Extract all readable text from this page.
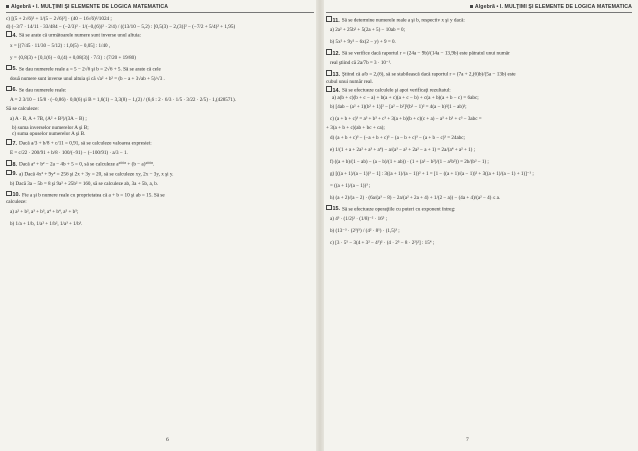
Algebră • I. MULŢIMI ŞI ELEMENTE DE LOGICĂ MATEMATICĂ
c) [(5 + 2√6)² + 1/(5 − 2√6)²] · (40 − 16√6)²/1024 ;
d) (−3/7 · 14/11 · 33/484 − (−2/3)² · 1/(−0,(6))² · 2/4) / ((13/10 − 5,2) : [0,5(3) − 2,(3)]² − (−7/2 + 5/4)² + 1,95)
4. Să se arate că următoarele numere sunt inverse unul altuia:
x = [(7/45 · 11/30 − 5/12) : 1,0(5) − 0,05] : 1/40 ,
y = {0,8(3) + [0,1(6) − 0,(4) + 0,08(3)] · 7/3} : (7/20 + 19/80)
5. Se dau numerele reale a = 5 − 2√6 şi b = 2√6 + 5. Să se arate că cele
două numere sunt inverse unul altuia şi că √a² + b² = (b − a + 3√ab + 5)/√3 .
6. Se dau numerele reale:
A = 2 3/10 − 15/8 · (−0,86) · 0,0(6) şi B = 1,6(1) − 3,3(8) − 1,(2) / (6,6 : 2 · 6/3 · 1/5 · 3/22 · 2/5) · 1,(428571).
Să se calculeze:
a) A · B, A + 7B, (A² + B²)/(3A − B) ;
b) suma inverselor numerelor A şi B;
c) suma opuselor numerelor A şi B.
7. Dacă a/3 + b/8 + c/11 = 0,91, să se calculeze valoarea expresiei:
E = c/22 · 200/91 + b/8 · 100/(−91) − (−100/91) · a/3 − 1.
8. Dacă a² + b² − 2a − 4b + 5 = 0, să se calculeze a²⁰⁰⁸ + (b − a)²⁰⁰⁸.
9. a) Dacă 4x² + 9y² = 256 şi 2x + 3y = 20, să se calculeze xy, 2x − 3y, x şi y.
b) Dacă 3a − 5b = 8 şi 9a² + 25b² = 160, să se calculeze ab, 3a + 5b, a, b.
10. Fie a şi b numere reale cu proprietatea că a + b = 10 şi ab = 15. Să se
calculeze:
a) a² + b², a³ + b³, a⁴ + b⁴, a⁵ + b⁵;
b) 1/a + 1/b, 1/a² + 1/b², 1/a³ + 1/b³.
6
Algebră • I. MULŢIMI ŞI ELEMENTE DE LOGICĂ MATEMATICĂ
11. Să se determine numerele reale a şi b, respectiv x şi y dacă:
a) 2a² + 25b² + 5(2a + 5) − 10ab = 0;
b) 5x² + 9y² − 6x(2 − y) + 9 = 0.
12. Să se verifice dacă raportul r = (24a − 9b)/(14a − 13,9b) este pătratul unui număr
real ştiind că 2a/7b = 3 · 10⁻¹.
13. Ştiind că a/b = 2,(6), să se stabilească dacă raportul r = (7a + 2,(6)b)/(5a − 13b) este
cubul unui număr real.
14. Să se efectueze calculele şi apoi verificaţi rezultatul:
a) a(b + c)(b + c − a) + b(a + c)(a + c − b) + c(a + b)(a + b − c) = 6abc;
b) [4ab − (a² + 1)(b² + 1)]² − [a² − b²]²(b² − 1)² = 4(a − b)²(1 − ab)²;
c) (a + b + c)³ = a³ + b³ + c³ + 3(a + b)(b + c)(c + a) − a³ + b³ + c³ − 3abc =
+ 3(a + b + c)(ab + bc + ca);
d) (a + b + c)³ − (−a + b + c)³ − (a − b + c)³ − (a + b − c)³ = 24abc;
e) 1/(1 + a + 2a² + a³ + a⁴) − a/(a³ − a² + 2a² − a + 1) = 2a/(a⁴ + a² + 1) ;
f) ((a + b)/(1 − ab) − (a − b)/(1 + ab)) · (1 + (a² − b²)/(1 − a²b²)) = 2b/(b² − 1) ;
g) [((a + 1)/(a − 1))³ − 1] : 3((a + 1)/(a − 1))² + 1 = [1 − ((a + 1)/(a − 1))² + 3((a + 1)/(a − 1) + 1)]⁻¹ ;
= ((a + 1)/(a − 1))³ ;
h) (a + 2)/(a − 2) · (6a/(a³ − 8) − 2a/(a² + 2a + 4) + 1/(2 − a)) − (4a + 4)/(a² − 4) ≤ a.
15. Să se efectueze operaţiile cu puteri cu exponent întreg:
a) 4³ · (1/2)² · (1/8)⁻² · 16⁵ ;
b) (13⁻³ · (2³)⁵) / (4² · 8¹) · (1,5)³ ;
c) [3 · 5⁵ − 3(4 + 3² − 4³)² · (4 · 2⁵ − 8 · 2²)²] : 15⁴ ;
7
